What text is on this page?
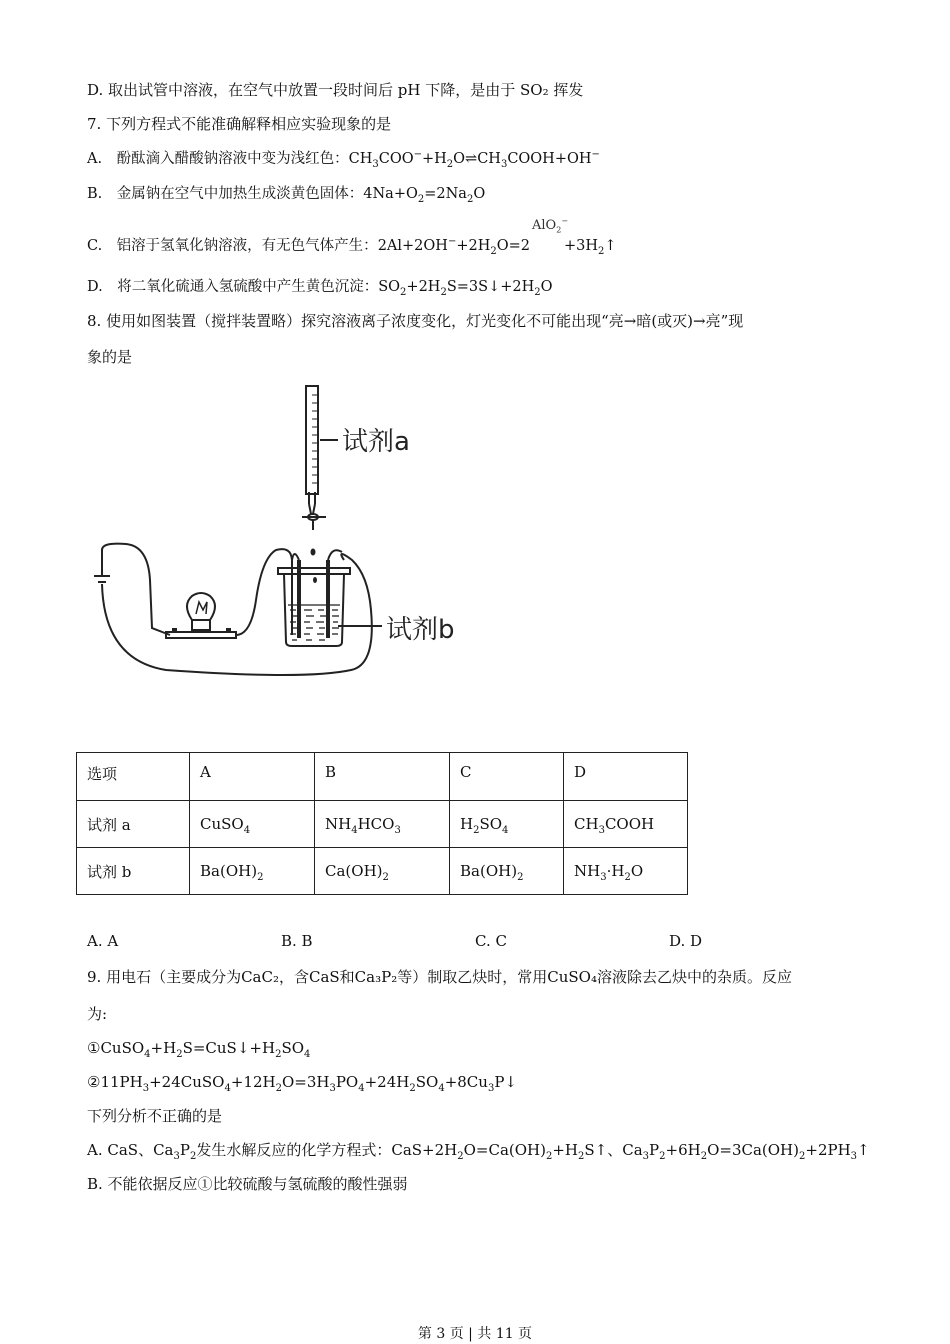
D. 取出试管中溶液，在空气中放置一段时间后 pH 下降，是由于 SO₂ 挥发
7. 下列方程式不能准确解释相应实验现象的是
A.　酚酞滴入醋酸钠溶液中变为浅红色：$CH_3COO^-+H_2O\rightleftharpoons CH_3COOH+OH^-$
B.　金属钠在空气中加热生成淡黄色固体：$4Na+O_2=2Na_2O$
C.　铝溶于氢氧化钠溶液，有无色气体产生：$2Al+2OH^-+2H_2O=2$
AlO$_2$−
$+3H_2↑$
D.　将二氧化硫通入氢硫酸中产生黄色沉淀：$SO_2+2H_2S=3S↓+2H_2O$
8. 使用如图装置（搅拌装置略）探究溶液离子浓度变化，灯光变化不可能出现“亮→暗(或灭)→亮”现
象的是
试剂a
试剂b
选项	A	B	C	D
试剂 a	CuSO$_4$	$NH_4HCO_3$	$H_2SO_4$	$CH_3COOH$
试剂 b	$Ba(OH)_2$	$Ca(OH)_2$	$Ba(OH)_2$	$NH_3\cdot H_2O$
A. A	B. B	C. C	D. D
9. 用电石（主要成分为CaC₂，含CaS和Ca₃P₂等）制取乙炔时，常用CuSO₄溶液除去乙炔中的杂质。反应
为:
$①CuSO_4+H_2S=CuS↓+H_2SO_4$
$②11PH_3+24CuSO_4+12H_2O=3H_3PO_4+24H_2SO_4+8Cu_3P↓$
下列分析不正确的是
A. CaS、$Ca_3P_2$发生水解反应的化学方程式：$CaS+2H_2O=Ca(OH)_2+H_2S↑$、$Ca_3P_2+6H_2O=3Ca(OH)_2+2PH_3↑$
B. 不能依据反应①比较硫酸与氢硫酸的酸性强弱
第 3 页 | 共 11 页
